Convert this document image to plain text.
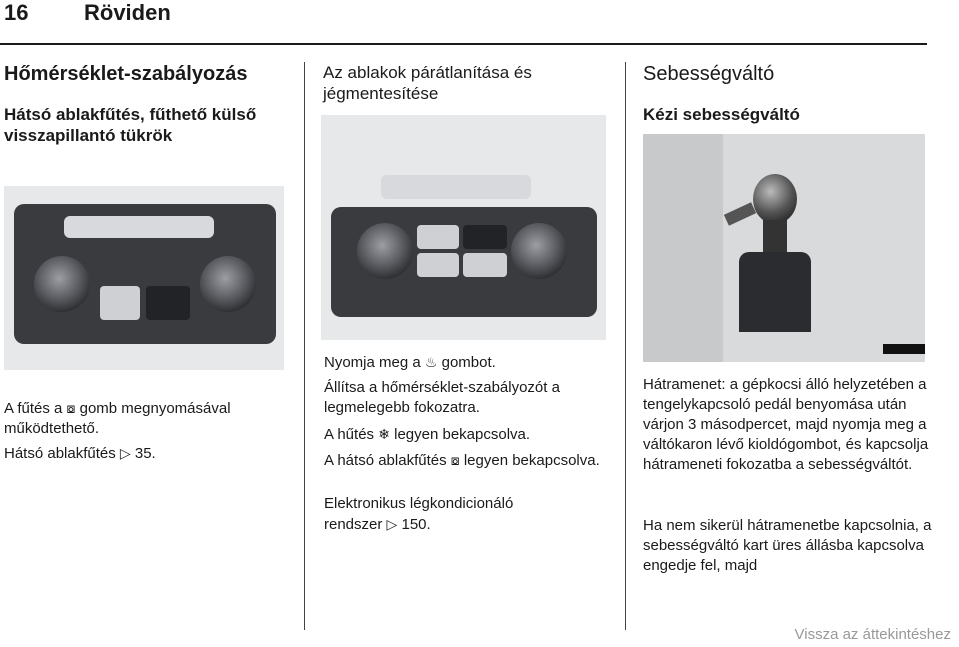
16	Röviden
Hőmérséklet-szabályozás
Hátsó ablakfűtés, fűthető külső visszapillantó tükrök
A fűtés a ⧇ gomb megnyomásával működtethető.
Hátsó ablakfűtés ▷ 35.
Az ablakok párátlanítása és jégmentesítése
Nyomja meg a ♨ gombot.
Állítsa a hőmérséklet-szabályozót a legmelegebb fokozatra.
A hűtés ❄ legyen bekapcsolva.
A hátsó ablakfűtés ⧇ legyen bekapcsolva.
Elektronikus légkondicionáló rendszer ▷ 150.
Sebességváltó
Kézi sebességváltó
Hátramenet: a gépkocsi álló helyzetében a tengelykapcsoló pedál benyomása után várjon 3 másodpercet, majd nyomja meg a váltókaron lévő kioldógombot, és kapcsolja hátrameneti fokozatba a sebességváltót.
Ha nem sikerül hátramenetbe kapcsolnia, a sebességváltó kart üres állásba kapcsolva engedje fel, majd
Vissza az áttekintéshez
